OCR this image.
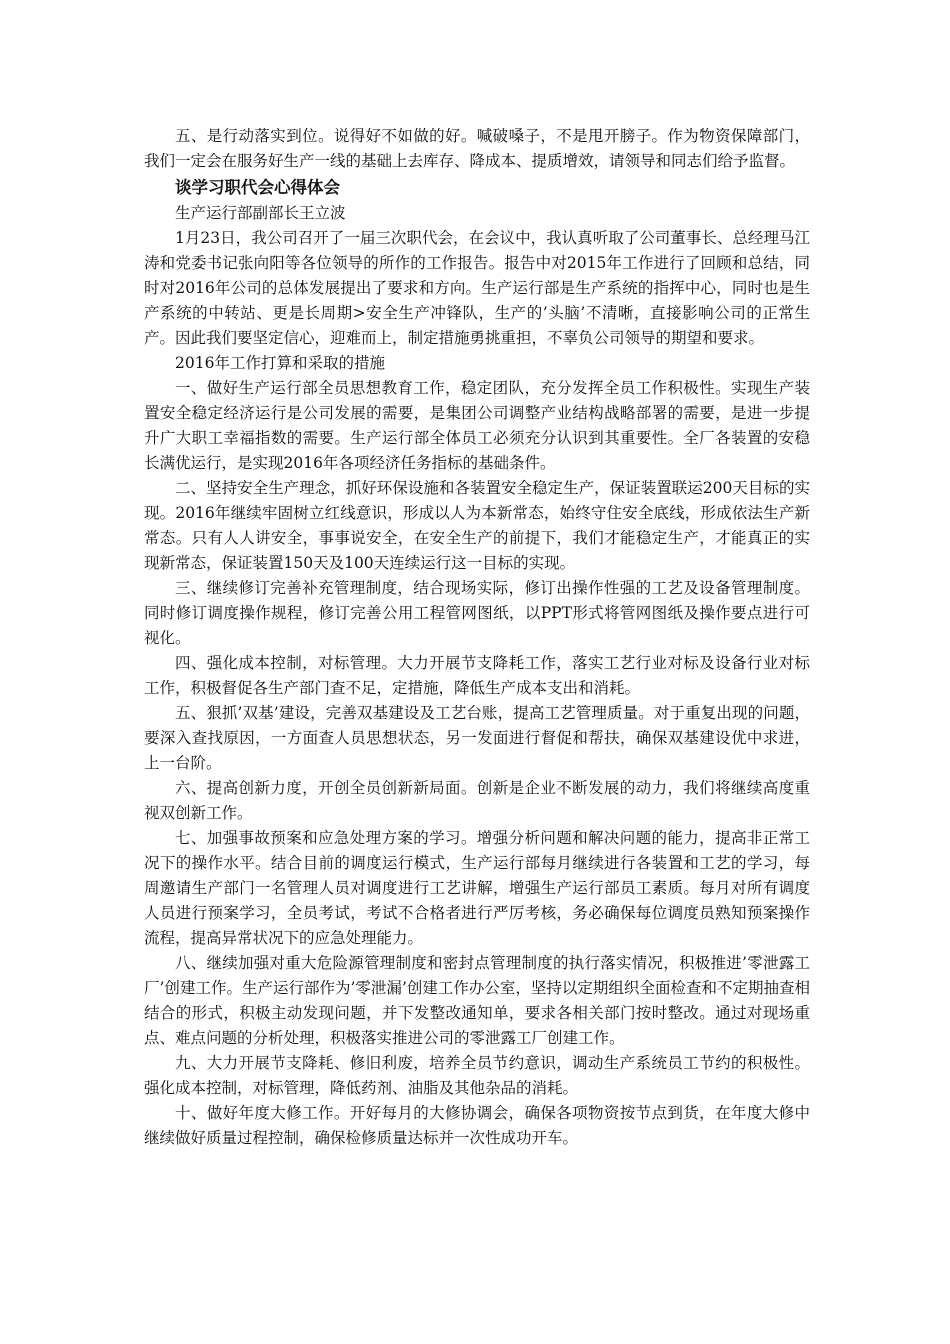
五、是行动落实到位。说得好不如做的好。喊破嗓子，不是甩开膀子。作为物资保障部门，我们一定会在服务好生产一线的基础上去库存、降成本、提质增效，请领导和同志们给予监督。

谈学习职代会心得体会

生产运行部副部长王立波

1月23日，我公司召开了一届三次职代会，在会议中，我认真听取了公司董事长、总经理马江涛和党委书记张向阳等各位领导的所作的工作报告。报告中对2015年工作进行了回顾和总结，同时对2016年公司的总体发展提出了要求和方向。生产运行部是生产系统的指挥中心，同时也是生产系统的中转站、更是长周期>安全生产冲锋队，生产的’头脑’不清晰，直接影响公司的正常生产。因此我们要坚定信心，迎难而上，制定措施勇挑重担，不辜负公司领导的期望和要求。

2016年工作打算和采取的措施

一、做好生产运行部全员思想教育工作，稳定团队，充分发挥全员工作积极性。实现生产装置安全稳定经济运行是公司发展的需要，是集团公司调整产业结构战略部署的需要，是进一步提升广大职工幸福指数的需要。生产运行部全体员工必须充分认识到其重要性。全厂各装置的安稳长满优运行，是实现2016年各项经济任务指标的基础条件。

二、坚持安全生产理念，抓好环保设施和各装置安全稳定生产，保证装置联运200天目标的实现。2016年继续牢固树立红线意识，形成以人为本新常态，始终守住安全底线，形成依法生产新常态。只有人人讲安全，事事说安全，在安全生产的前提下，我们才能稳定生产，才能真正的实现新常态，保证装置150天及100天连续运行这一目标的实现。

三、继续修订完善补充管理制度，结合现场实际，修订出操作性强的工艺及设备管理制度。同时修订调度操作规程，修订完善公用工程管网图纸，以PPT形式将管网图纸及操作要点进行可视化。

四、强化成本控制，对标管理。大力开展节支降耗工作，落实工艺行业对标及设备行业对标工作，积极督促各生产部门查不足，定措施，降低生产成本支出和消耗。

五、狠抓’双基’建设，完善双基建设及工艺台账，提高工艺管理质量。对于重复出现的问题，要深入查找原因，一方面查人员思想状态，另一发面进行督促和帮扶，确保双基建设优中求进，上一台阶。

六、提高创新力度，开创全员创新新局面。创新是企业不断发展的动力，我们将继续高度重视双创新工作。

七、加强事故预案和应急处理方案的学习。增强分析问题和解决问题的能力，提高非正常工况下的操作水平。结合目前的调度运行模式，生产运行部每月继续进行各装置和工艺的学习，每周邀请生产部门一名管理人员对调度进行工艺讲解，增强生产运行部员工素质。每月对所有调度人员进行预案学习，全员考试，考试不合格者进行严厉考核，务必确保每位调度员熟知预案操作流程，提高异常状况下的应急处理能力。

八、继续加强对重大危险源管理制度和密封点管理制度的执行落实情况，积极推进’零泄露工厂’创建工作。生产运行部作为’零泄漏’创建工作办公室，坚持以定期组织全面检查和不定期抽查相结合的形式，积极主动发现问题，并下发整改通知单，要求各相关部门按时整改。通过对现场重点、难点问题的分析处理，积极落实推进公司的零泄露工厂创建工作。

九、大力开展节支降耗、修旧利废，培养全员节约意识，调动生产系统员工节约的积极性。强化成本控制，对标管理，降低药剂、油脂及其他杂品的消耗。

十、做好年度大修工作。开好每月的大修协调会，确保各项物资按节点到货，在年度大修中继续做好质量过程控制，确保检修质量达标并一次性成功开车。
